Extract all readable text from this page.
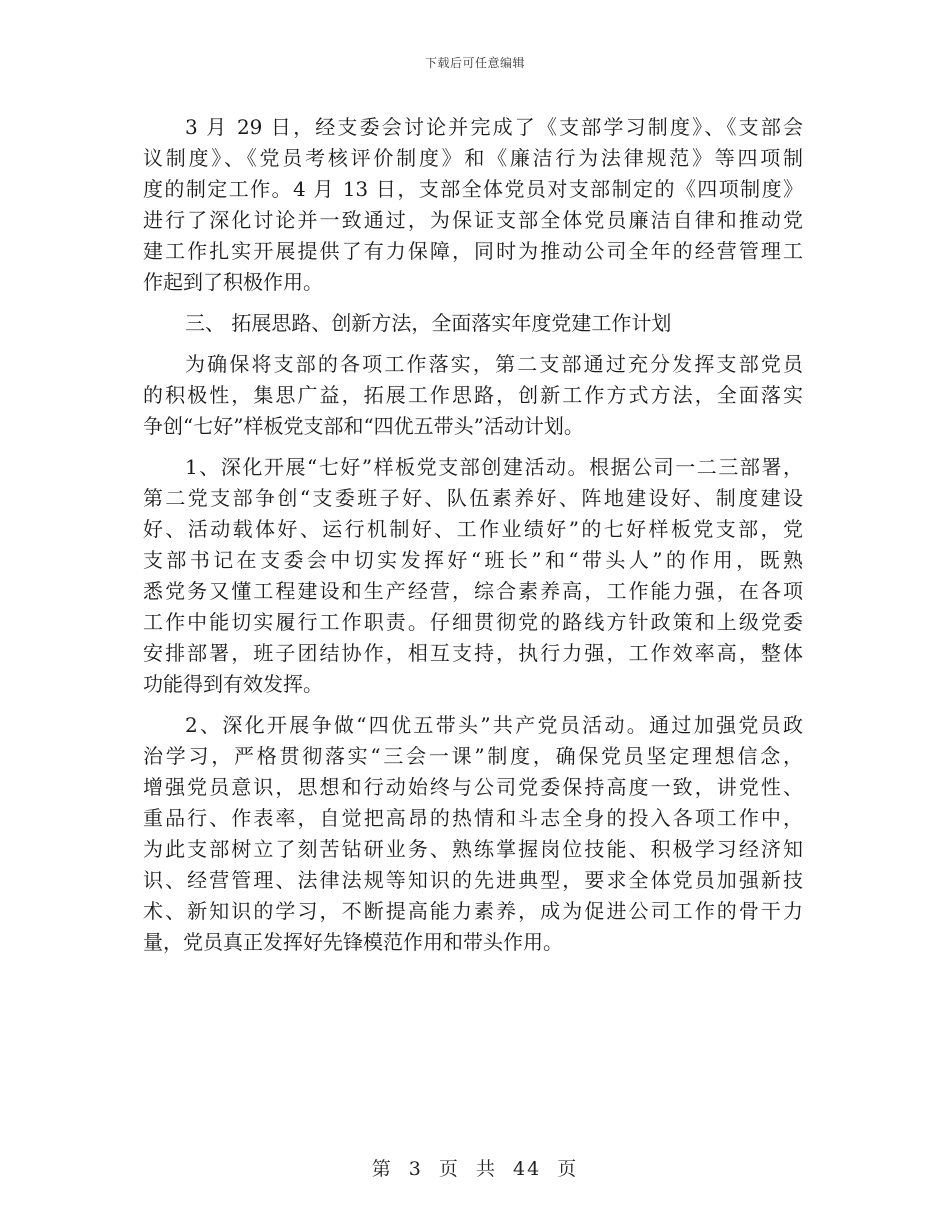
下载后可任意编辑
3 月 29 日，经支委会讨论并完成了《支部学习制度》、《支部会
议制度》、《党员考核评价制度》和《廉洁行为法律规范》等四项制
度的制定工作。4 月 13 日，支部全体党员对支部制定的《四项制度》
进行了深化讨论并一致通过，为保证支部全体党员廉洁自律和推动党
建工作扎实开展提供了有力保障，同时为推动公司全年的经营管理工
作起到了积极作用。
三、 拓展思路、创新方法，全面落实年度党建工作计划
为确保将支部的各项工作落实，第二支部通过充分发挥支部党员
的积极性，集思广益，拓展工作思路，创新工作方式方法，全面落实
争创“七好”样板党支部和“四优五带头”活动计划。
1、深化开展“七好”样板党支部创建活动。根据公司一二三部署，
第二党支部争创“支委班子好、队伍素养好、阵地建设好、制度建设
好、活动载体好、运行机制好、工作业绩好”的七好样板党支部，党
支部书记在支委会中切实发挥好“班长”和“带头人”的作用，既熟
悉党务又懂工程建设和生产经营，综合素养高，工作能力强，在各项
工作中能切实履行工作职责。仔细贯彻党的路线方针政策和上级党委
安排部署，班子团结协作，相互支持，执行力强，工作效率高，整体
功能得到有效发挥。
2、深化开展争做“四优五带头”共产党员活动。通过加强党员政
治学习，严格贯彻落实“三会一课”制度，确保党员坚定理想信念，
增强党员意识，思想和行动始终与公司党委保持高度一致，讲党性、
重品行、作表率，自觉把高昂的热情和斗志全身的投入各项工作中，
为此支部树立了刻苦钻研业务、熟练掌握岗位技能、积极学习经济知
识、经营管理、法律法规等知识的先进典型，要求全体党员加强新技
术、新知识的学习，不断提高能力素养，成为促进公司工作的骨干力
量，党员真正发挥好先锋模范作用和带头作用。
第 3 页 共 44 页
